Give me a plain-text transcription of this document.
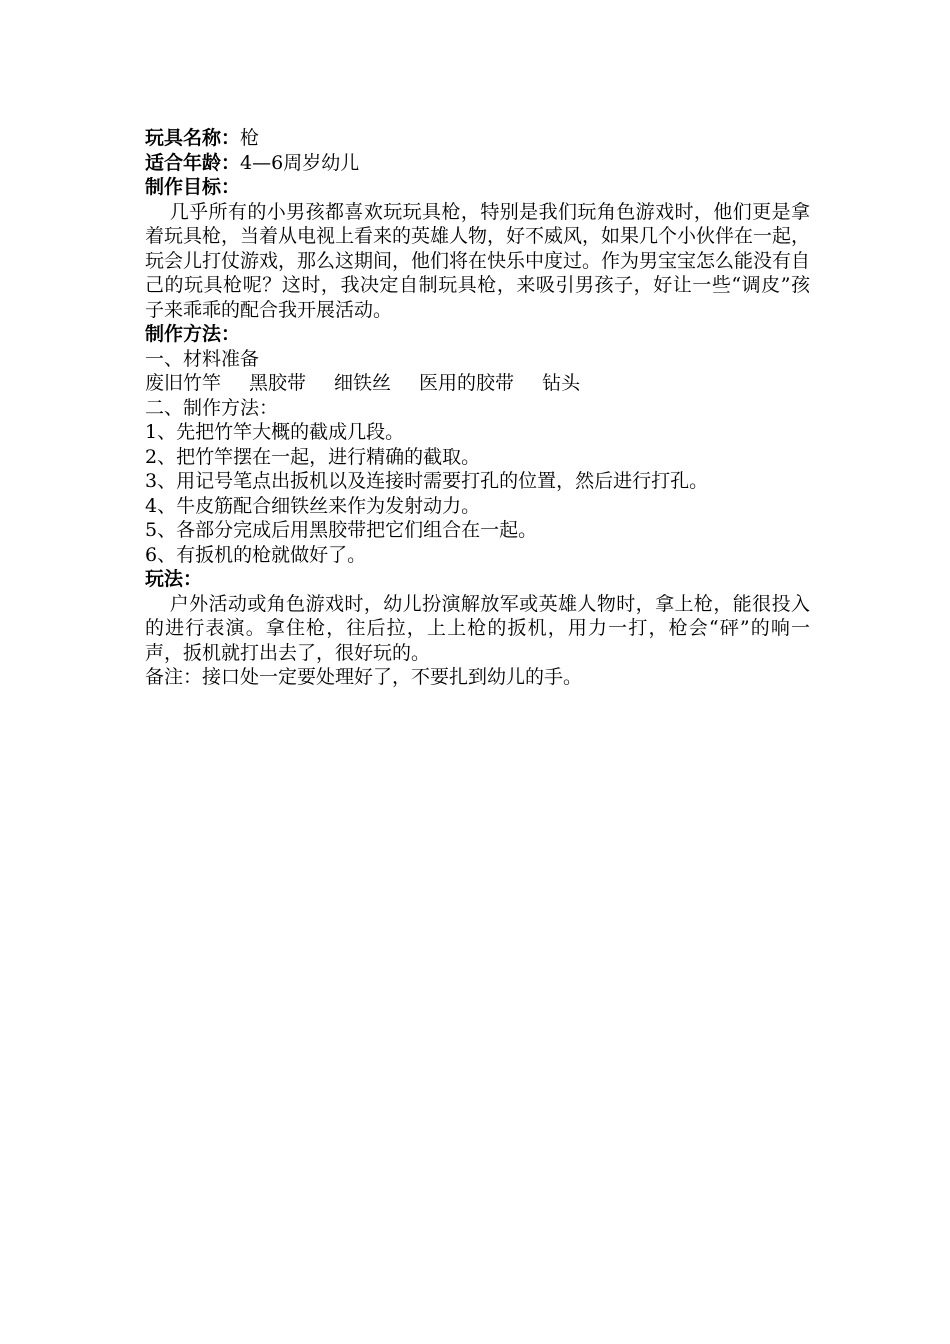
玩具名称：枪

适合年龄：4—6周岁幼儿

制作目标：

几乎所有的小男孩都喜欢玩玩具枪，特别是我们玩角色游戏时，他们更是拿着玩具枪，当着从电视上看来的英雄人物，好不威风，如果几个小伙伴在一起，玩会儿打仗游戏，那么这期间，他们将在快乐中度过。作为男宝宝怎么能没有自己的玩具枪呢？这时，我决定自制玩具枪，来吸引男孩子，好让一些“调皮”孩子来乖乖的配合我开展活动。

制作方法：

一、材料准备

废旧竹竿 黑胶带 细铁丝 医用的胶带 钻头

二、制作方法：

1、先把竹竿大概的截成几段。

2、把竹竿摆在一起，进行精确的截取。

3、用记号笔点出扳机以及连接时需要打孔的位置，然后进行打孔。

4、牛皮筋配合细铁丝来作为发射动力。

5、各部分完成后用黑胶带把它们组合在一起。

6、有扳机的枪就做好了。

玩法：

户外活动或角色游戏时，幼儿扮演解放军或英雄人物时，拿上枪，能很投入的进行表演。拿住枪，往后拉，上上枪的扳机，用力一打，枪会“砰”的响一声，扳机就打出去了，很好玩的。

备注：接口处一定要处理好了，不要扎到幼儿的手。
